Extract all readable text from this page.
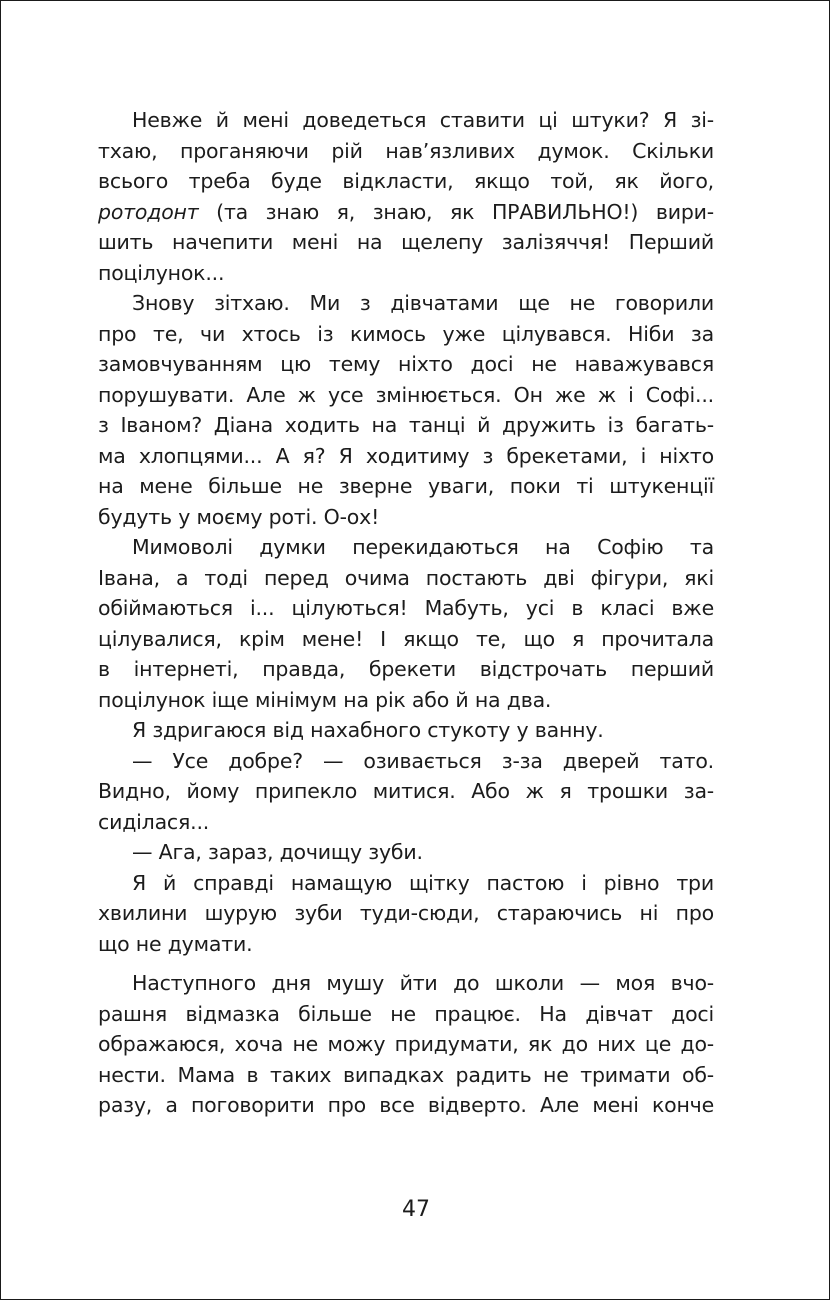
Невже й мені доведеться ставити ці штуки? Я зі-
тхаю, проганяючи рій нав’язливих думок. Скільки
всього треба буде відкласти, якщо той, як його,
ротодонт (та знаю я, знаю, як ПРАВИЛЬНО!) вири-
шить начепити мені на щелепу залізяччя! Перший
поцілунок...
Знову зітхаю. Ми з дівчатами ще не говорили
про те, чи хтось із кимось уже цілувався. Ніби за
замовчуванням цю тему ніхто досі не наважувався
порушувати. Але ж усе змінюється. Он же ж і Софі...
з Іваном? Діана ходить на танці й дружить із багать-
ма хлопцями... А я? Я ходитиму з брекетами, і ніхто
на мене більше не зверне уваги, поки ті штукенції
будуть у моєму роті. О-ох!
Мимоволі думки перекидаються на Софію та
Івана, а тоді перед очима постають дві фігури, які
обіймаються і... цілуються! Мабуть, усі в класі вже
цілувалися, крім мене! І якщо те, що я прочитала
в інтернеті, правда, брекети відстрочать перший
поцілунок іще мінімум на рік або й на два.
Я здригаюся від нахабного стукоту у ванну.
— Усе добре? — озивається з-за дверей тато.
Видно, йому припекло митися. Або ж я трошки за-
сиділася...
— Ага, зараз, дочищу зуби.
Я й справді намащую щітку пастою і рівно три
хвилини шурую зуби туди-сюди, стараючись ні про
що не думати.
Наступного дня мушу йти до школи — моя вчо-
рашня відмазка більше не працює. На дівчат досі
ображаюся, хоча не можу придумати, як до них це до-
нести. Мама в таких випадках радить не тримати об-
разу, а поговорити про все відверто. Але мені конче
47
